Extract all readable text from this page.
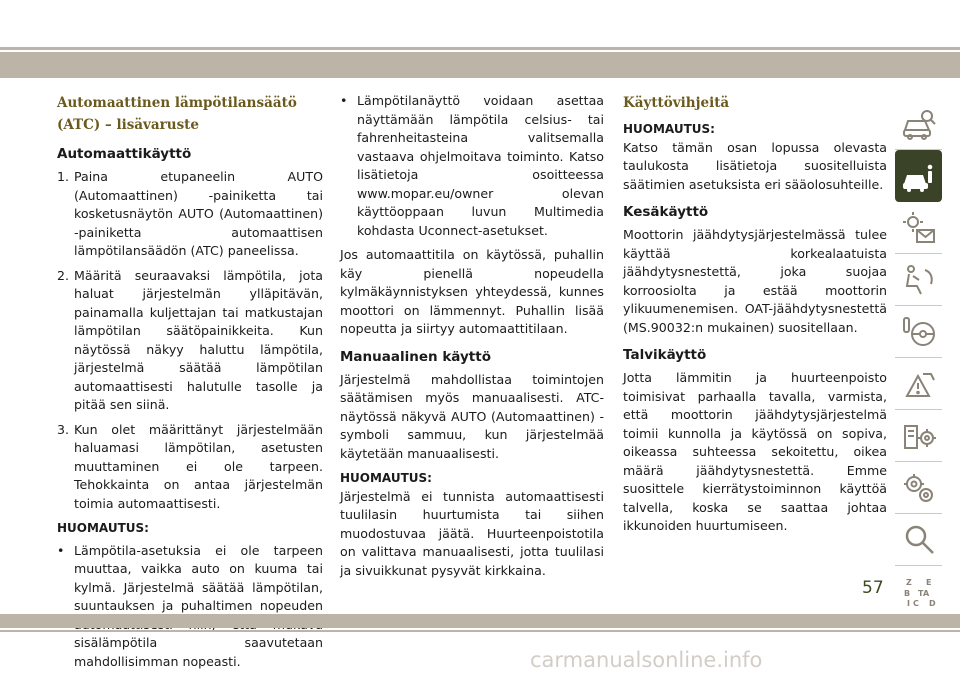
Automaattinen lämpötilansäätö (ATC) – lisävaruste
Automaattikäyttö
1. Paina etupaneelin AUTO (Automaattinen) -painiketta tai kosketusnäytön AUTO (Automaattinen) -painiketta automaattisen lämpötilansäädön (ATC) paneelissa.
2. Määritä seuraavaksi lämpötila, jota haluat järjestelmän ylläpitävän, painamalla kuljettajan tai matkustajan lämpötilan säätöpainikkeita. Kun näytössä näkyy haluttu lämpötila, järjestelmä säätää lämpötilan automaattisesti halutulle tasolle ja pitää sen siinä.
3. Kun olet määrittänyt järjestelmään haluamasi lämpötilan, asetusten muuttaminen ei ole tarpeen. Tehokkainta on antaa järjestelmän toimia automaattisesti.
HUOMAUTUS:
• Lämpötila-asetuksia ei ole tarpeen muuttaa, vaikka auto on kuuma tai kylmä. Järjestelmä säätää lämpötilan, suuntauksen ja puhaltimen nopeuden sisälämpötila saavutetaan mahdollisimman nopeasti.
• Lämpötilanäyttö voidaan asettaa näyttämään lämpötila celsius- tai fahrenheitasteina valitsemalla vastaava ohjelmoitava toiminto. Katso lisätietoja osoitteessa www.mopar.eu/owner olevan käyttöoppaan luvun Multimedia kohdasta Uconnect-asetukset.

Jos automaattitila on käytössä, puhallin käy pienellä nopeudella kylmäkäynnistyksen yhteydessä, kunnes moottori on lämmennyt. Puhallin lisää nopeutta ja siirtyy automaattitilaan.

Manuaalinen käyttö

Järjestelmä mahdollistaa toimintojen säätämisen myös manuaalisesti. ATC-näytössä näkyvä AUTO (Automaattinen) -symboli sammuu, kun järjestelmää käytetään manuaalisesti.

HUOMAUTUS:

Järjestelmä ei tunnista automaattisesti tuulilasin huurtumista tai siihen muodostuvaa jäätä. Huurteenpoistotila on valittava manuaalisesti, jotta tuulilasi ja sivuikkunat pysyvät kirkkaina.

Käyttövihjeitä
HUOMAUTUS:

Katso tämän osan lopussa olevasta taulukosta lisätietoja suositelluista säätimien asetuksista eri sääolosuhteille.

Kesäkäyttö

Moottorin jäähdytysjärjestelmässä tulee käyttää korkealaatuista jäähdytysnestettä, joka suojaa korroosiolta ja estää moottorin ylikuumenemisen. OAT-jäähdytysnestettä (MS.90032:n mukainen) suositellaan.

Talvikäyttö

Jotta lämmitin ja huurteenpoisto toimisivat parhaalla tavalla, varmista, että moottorin jäähdytysjärjestelmä toimii kunnolla ja käytössä on sopiva, oikeassa suhteessa sekoitettu, oikea määrä jäähdytysnestettä. Emme suosittele kierrätystoiminnon käyttöä talvella, koska se saattaa johtaa ikkunoiden huurtumiseen.

Z E
B A
C D
I
T
57
carmanualsonline.info
